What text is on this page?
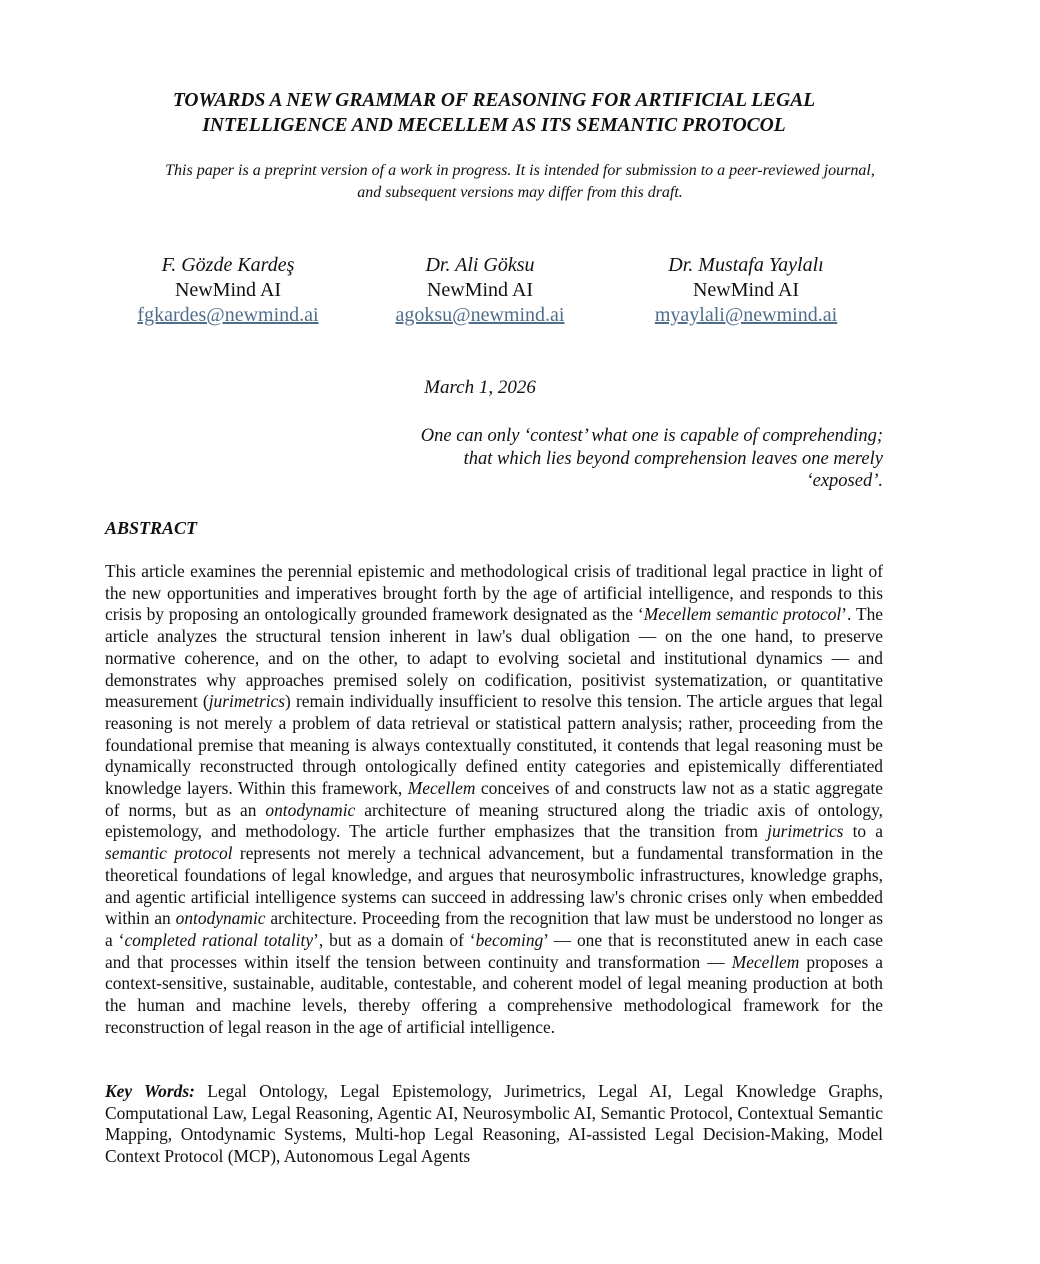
TOWARDS A NEW GRAMMAR OF REASONING FOR ARTIFICIAL LEGAL
INTELLIGENCE AND MECELLEM AS ITS SEMANTIC PROTOCOL
This paper is a preprint version of a work in progress. It is intended for submission to a peer-reviewed journal,
and subsequent versions may differ from this draft.
F. Gözde Kardeş
NewMind AI
fgkardes@newmind.ai
Dr. Ali Göksu
NewMind AI
agoksu@newmind.ai
Dr. Mustafa Yaylalı
NewMind AI
myaylali@newmind.ai
March 1, 2026
One can only ‘contest’ what one is capable of comprehending;
that which lies beyond comprehension leaves one merely
‘exposed’.
ABSTRACT

This article examines the perennial epistemic and methodological crisis of traditional legal practice in light of the new opportunities and imperatives brought forth by the age of artificial intelligence, and responds to this crisis by proposing an ontologically grounded framework designated as the ‘Mecellem semantic protocol’. The article analyzes the structural tension inherent in law's dual obligation — on the one hand, to preserve normative coherence, and on the other, to adapt to evolving societal and institutional dynamics — and demonstrates why approaches premised solely on codification, positivist systematization, or quantitative measurement (jurimetrics) remain individually insufficient to resolve this tension. The article argues that legal reasoning is not merely a problem of data retrieval or statistical pattern analysis; rather, proceeding from the foundational premise that meaning is always contextually constituted, it contends that legal reasoning must be dynamically reconstructed through ontologically defined entity categories and epistemically differentiated knowledge layers. Within this framework, Mecellem conceives of and constructs law not as a static aggregate of norms, but as an ontodynamic architecture of meaning structured along the triadic axis of ontology, epistemology, and methodology. The article further emphasizes that the transition from jurimetrics to a semantic protocol represents not merely a technical advancement, but a fundamental transformation in the theoretical foundations of legal knowledge, and argues that neurosymbolic infrastructures, knowledge graphs, and agentic artificial intelligence systems can succeed in addressing law's chronic crises only when embedded within an ontodynamic architecture. Proceeding from the recognition that law must be understood no longer as a ‘completed rational totality’, but as a domain of ‘becoming’ — one that is reconstituted anew in each case and that processes within itself the tension between continuity and transformation — Mecellem proposes a context-sensitive, sustainable, auditable, contestable, and coherent model of legal meaning production at both the human and machine levels, thereby offering a comprehensive methodological framework for the reconstruction of legal reason in the age of artificial intelligence.

Key Words: Legal Ontology, Legal Epistemology, Jurimetrics, Legal AI, Legal Knowledge Graphs, Computational Law, Legal Reasoning, Agentic AI, Neurosymbolic AI, Semantic Protocol, Contextual Semantic Mapping, Ontodynamic Systems, Multi-hop Legal Reasoning, AI-assisted Legal Decision-Making, Model Context Protocol (MCP), Autonomous Legal Agents
